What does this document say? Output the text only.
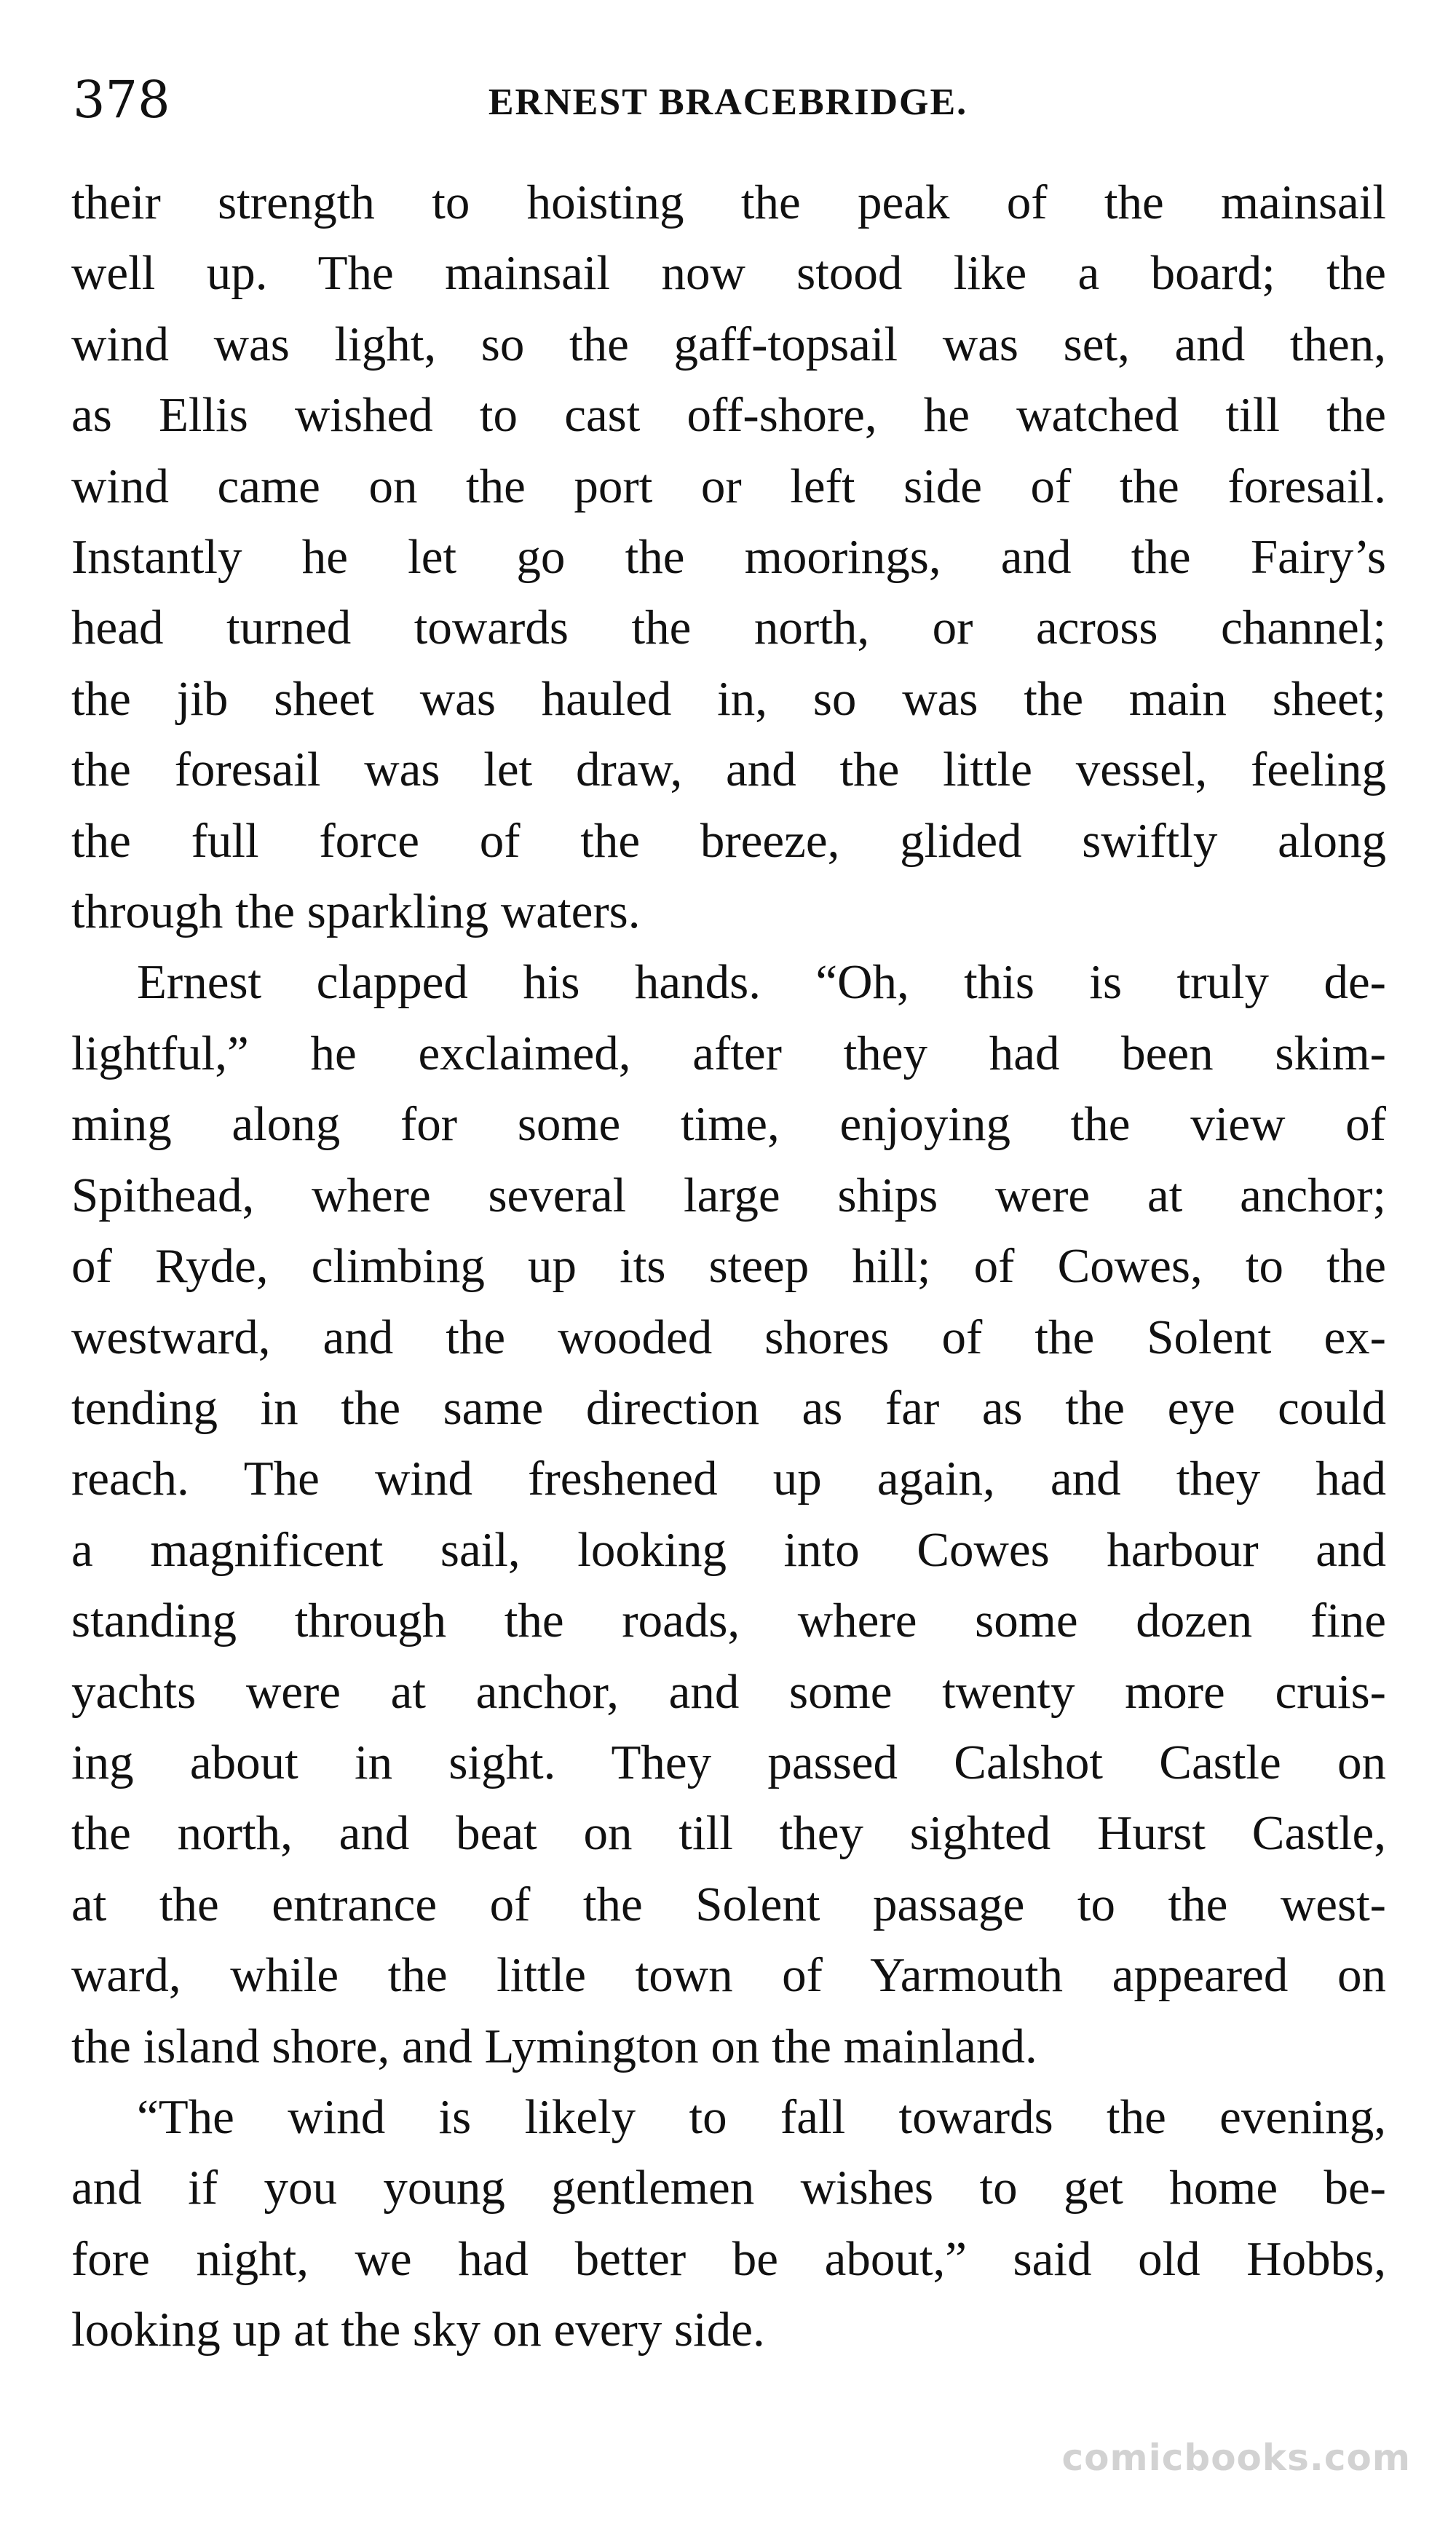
378	ERNEST BRACEBRIDGE.

their strength to hoisting the peak of the mainsail
well up. The mainsail now stood like a board; the
wind was light, so the gaff-topsail was set, and then,
as Ellis wished to cast off-shore, he watched till the
wind came on the port or left side of the foresail.
Instantly he let go the moorings, and the Fairy’s
head turned towards the north, or across channel;
the jib sheet was hauled in, so was the main sheet;
the foresail was let draw, and the little vessel, feeling
the full force of the breeze, glided swiftly along
through the sparkling waters.

Ernest clapped his hands. “Oh, this is truly de-
lightful,” he exclaimed, after they had been skim-
ming along for some time, enjoying the view of
Spithead, where several large ships were at anchor;
of Ryde, climbing up its steep hill; of Cowes, to the
westward, and the wooded shores of the Solent ex-
tending in the same direction as far as the eye could
reach. The wind freshened up again, and they had
a magnificent sail, looking into Cowes harbour and
standing through the roads, where some dozen fine
yachts were at anchor, and some twenty more cruis-
ing about in sight. They passed Calshot Castle on
the north, and beat on till they sighted Hurst Castle,
at the entrance of the Solent passage to the west-
ward, while the little town of Yarmouth appeared on
the island shore, and Lymington on the mainland.

“The wind is likely to fall towards the evening,
and if you young gentlemen wishes to get home be-
fore night, we had better be about,” said old Hobbs,
looking up at the sky on every side.

comicbooks.com
